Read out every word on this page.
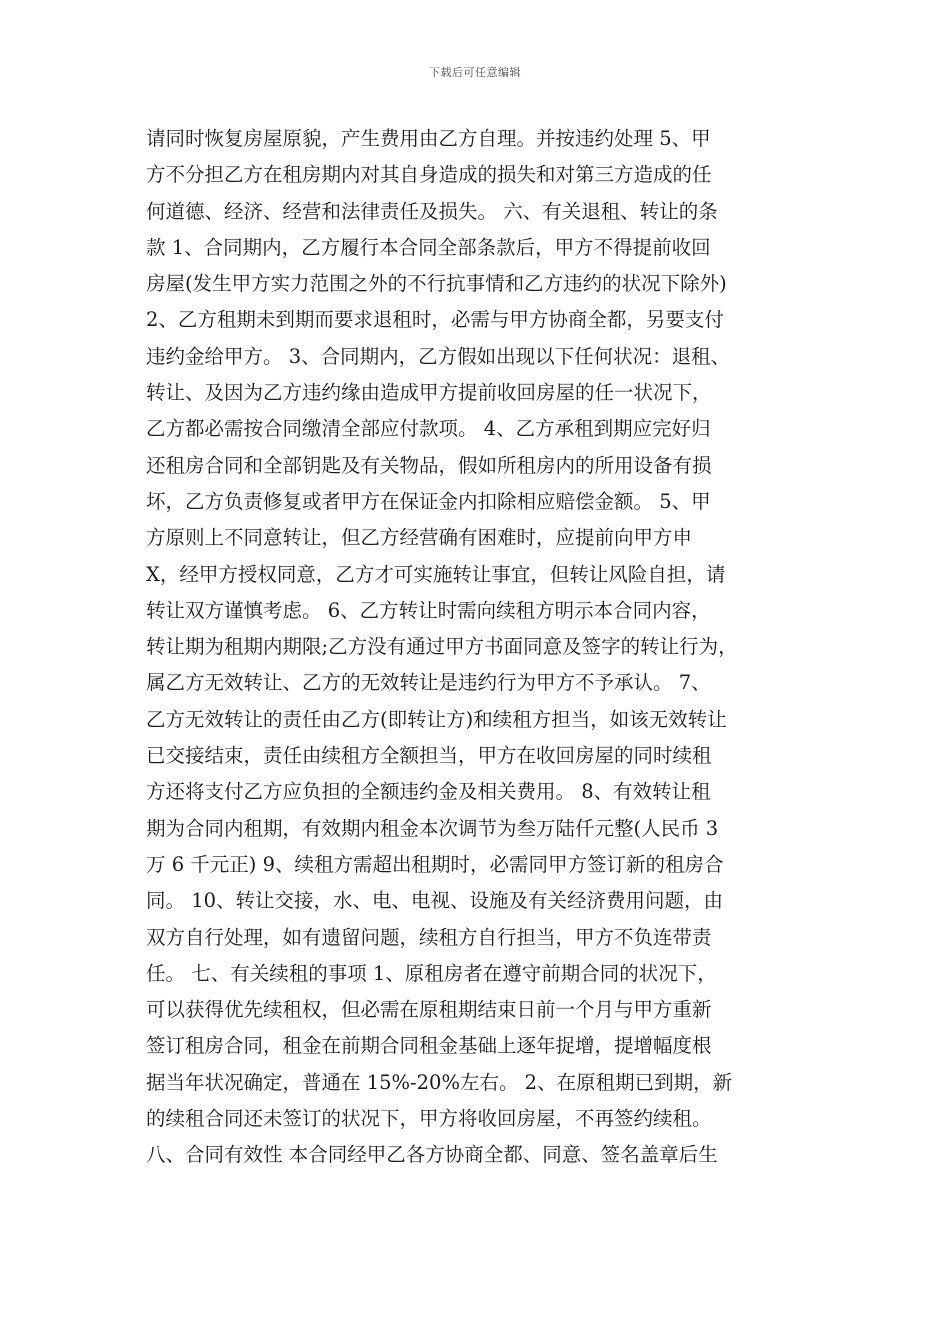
下载后可任意编辑
请同时恢复房屋原貌，产生费用由乙方自理。并按违约处理 5、甲
方不分担乙方在租房期内对其自身造成的损失和对第三方造成的任
何道德、经济、经营和法律责任及损失。 六、有关退租、转让的条
款 1、合同期内，乙方履行本合同全部条款后，甲方不得提前收回
房屋(发生甲方实力范围之外的不行抗事情和乙方违约的状况下除外)
2、乙方租期未到期而要求退租时，必需与甲方协商全都，另要支付
违约金给甲方。 3、合同期内，乙方假如出现以下任何状况：退租、
转让、及因为乙方违约缘由造成甲方提前收回房屋的任一状况下，
乙方都必需按合同缴清全部应付款项。 4、乙方承租到期应完好归
还租房合同和全部钥匙及有关物品，假如所租房内的所用设备有损
坏，乙方负责修复或者甲方在保证金内扣除相应赔偿金额。 5、甲
方原则上不同意转让，但乙方经营确有困难时，应提前向甲方申
X，经甲方授权同意，乙方才可实施转让事宜，但转让风险自担，请
转让双方谨慎考虑。 6、乙方转让时需向续租方明示本合同内容，
转让期为租期内期限;乙方没有通过甲方书面同意及签字的转让行为，
属乙方无效转让、乙方的无效转让是违约行为甲方不予承认。 7、
乙方无效转让的责任由乙方(即转让方)和续租方担当，如该无效转让
已交接结束，责任由续租方全额担当，甲方在收回房屋的同时续租
方还将支付乙方应负担的全额违约金及相关费用。 8、有效转让租
期为合同内租期，有效期内租金本次调节为叁万陆仟元整(人民币 3
万 6 千元正) 9、续租方需超出租期时，必需同甲方签订新的租房合
同。 10、转让交接，水、电、电视、设施及有关经济费用问题，由
双方自行处理，如有遗留问题，续租方自行担当，甲方不负连带责
任。 七、有关续租的事项 1、原租房者在遵守前期合同的状况下，
可以获得优先续租权，但必需在原租期结束日前一个月与甲方重新
签订租房合同，租金在前期合同租金基础上逐年捉增，提增幅度根
据当年状况确定，普通在 15%-20%左右。 2、在原租期已到期，新
的续租合同还未签订的状况下，甲方将收回房屋，不再签约续租。
八、合同有效性 本合同经甲乙各方协商全都、同意、签名盖章后生
